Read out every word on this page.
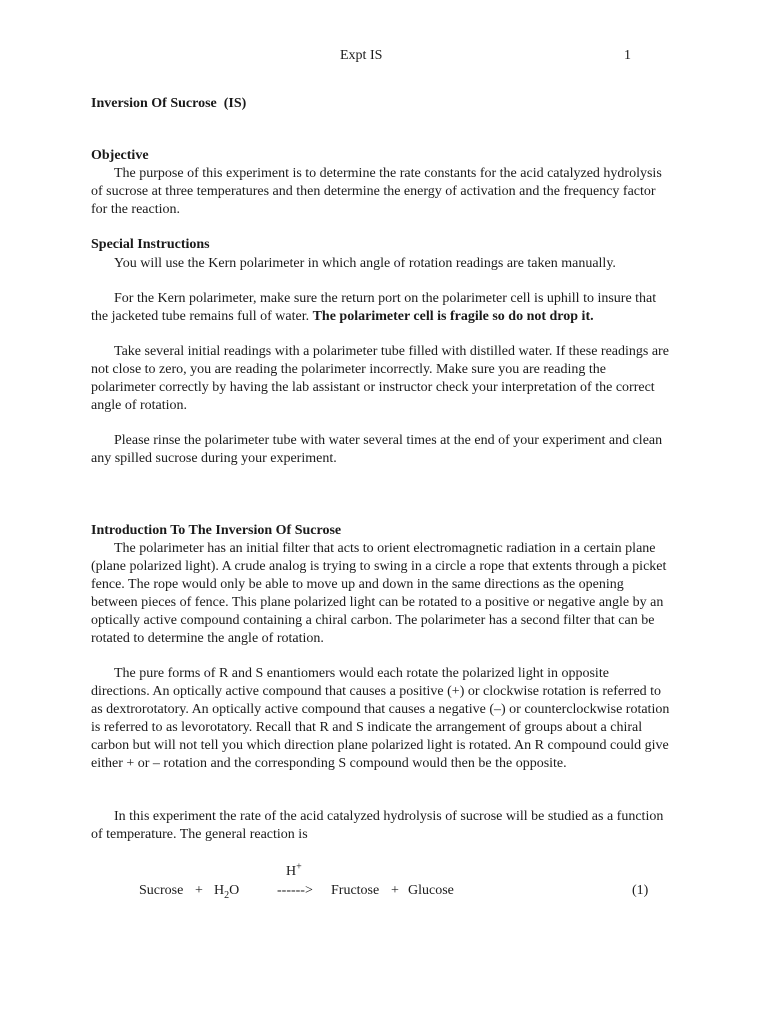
Expt IS	1
Inversion Of Sucrose  (IS)
Objective
The purpose of this experiment is to determine the rate constants for the acid catalyzed hydrolysis of sucrose at three temperatures and then determine the energy of activation and the frequency factor for the reaction.
Special Instructions
You will use the Kern polarimeter in which angle of rotation readings are taken manually.
For the Kern polarimeter, make sure the return port on the polarimeter cell is uphill to insure that the jacketed tube remains full of water. The polarimeter cell is fragile so do not drop it.
Take several initial readings with a polarimeter tube filled with distilled water. If these readings are not close to zero, you are reading the polarimeter incorrectly. Make sure you are reading the polarimeter correctly by having the lab assistant or instructor check your interpretation of the correct angle of rotation.
Please rinse the polarimeter tube with water several times at the end of your experiment and clean any spilled sucrose during your experiment.
Introduction To The Inversion Of Sucrose
The polarimeter has an initial filter that acts to orient electromagnetic radiation in a certain plane (plane polarized light). A crude analog is trying to swing in a circle a rope that extents through a picket fence. The rope would only be able to move up and down in the same directions as the opening between pieces of fence. This plane polarized light can be rotated to a positive or negative angle by an optically active compound containing a chiral carbon. The polarimeter has a second filter that can be rotated to determine the angle of rotation.
The pure forms of R and S enantiomers would each rotate the polarized light in opposite directions. An optically active compound that causes a positive (+) or clockwise rotation is referred to as dextrorotatory. An optically active compound that causes a negative (–) or counterclockwise rotation is referred to as levorotatory. Recall that R and S indicate the arrangement of groups about a chiral carbon but will not tell you which direction plane polarized light is rotated. An R compound could give either + or – rotation and the corresponding S compound would then be the opposite.
In this experiment the rate of the acid catalyzed hydrolysis of sucrose will be studied as a function of temperature. The general reaction is
H+
Sucrose + $H_2O$	------> Fructose + Glucose	(1)
